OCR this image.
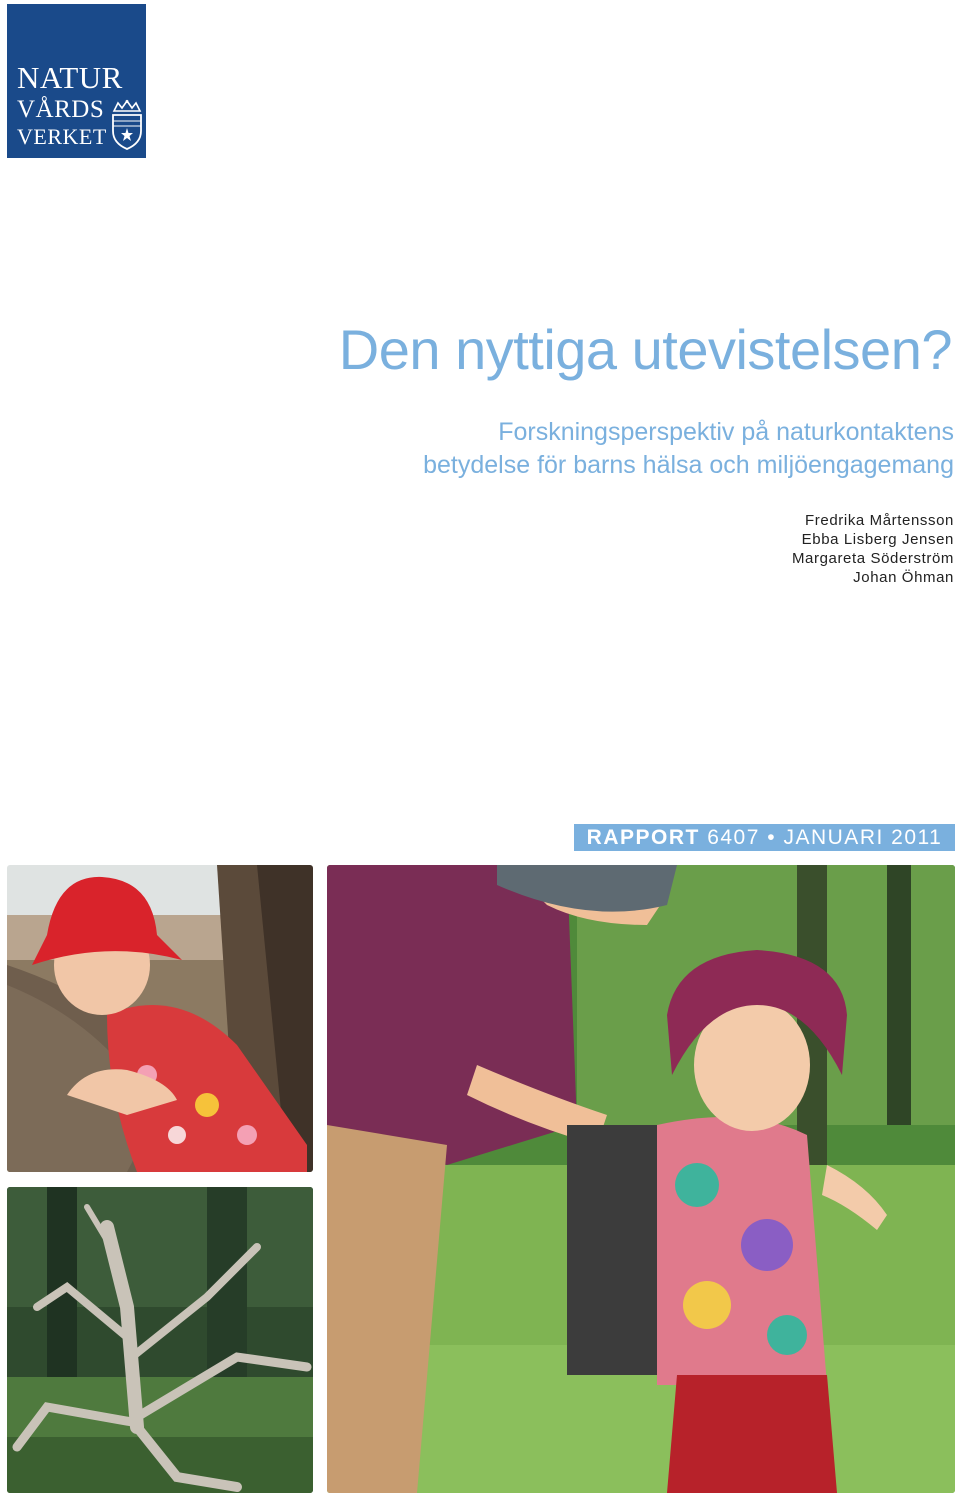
NATUR
VÅRDS
VERKET
Den nyttiga utevistelsen?
Forskningsperspektiv på naturkontaktens
betydelse för barns hälsa och miljöengagemang
Fredrika Mårtensson
Ebba Lisberg Jensen
Margareta Söderström
Johan Öhman
RAPPORT 6407 • JANUARI 2011
